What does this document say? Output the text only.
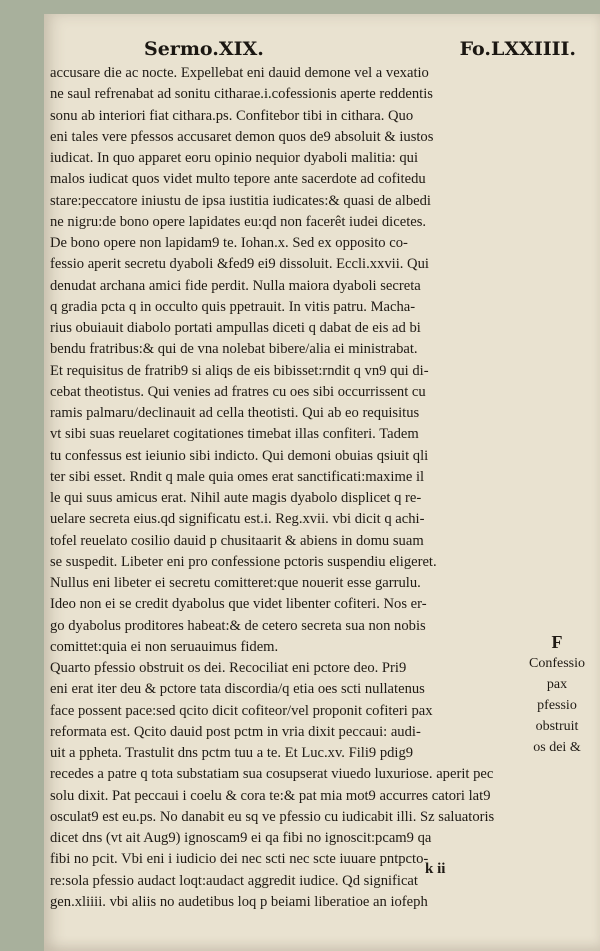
Sermo.XIX.	Fo.LXXIIII.
accusare die ac nocte. Expellebat eni dauid demone vel a vexatio
ne saul refrenabat ad sonitu citharae.i.cofessionis aperte reddentis
sonu ab interiori fiat cithara.ps. Confitebor tibi in cithara. Quo
eni tales vere pfessos accusaret demon quos de9 absoluit & iustos
iudicat. In quo apparet eoru opinio nequior dyaboli malitia: qui
malos iudicat quos videt multo tepore ante sacerdote ad cofitedu
stare:peccatore iniustu de ipsa iustitia iudicates:& quasi de albedi
ne nigru:de bono opere lapidates eu:qd non facerêt iudei dicetes.
De bono opere non lapidam9 te. Iohan.x. Sed ex opposito co-
fessio aperit secretu dyaboli &fed9 ei9 dissoluit. Eccli.xxvii. Qui
denudat archana amici fide perdit. Nulla maiora dyaboli secreta
q gradia pcta q in occulto quis ppetrauit. In vitis patru. Macha-
rius obuiauit diabolo portati ampullas diceti q dabat de eis ad bi
bendu fratribus:& qui de vna nolebat bibere/alia ei ministrabat.
Et requisitus de fratrib9 si aliqs de eis bibisset:rndit q vn9 qui di-
cebat theotistus. Qui venies ad fratres cu oes sibi occurrissent cu
ramis palmaru/declinauit ad cella theotisti. Qui ab eo requisitus
vt sibi suas reuelaret cogitationes timebat illas confiteri. Tadem
tu confessus est ieiunio sibi indicto. Qui demoni obuias qsiuit qli
ter sibi esset. Rndit q male quia omes erat sanctificati:maxime il
le qui suus amicus erat. Nihil aute magis dyabolo displicet q re-
uelare secreta eius.qd significatu est.i. Reg.xvii. vbi dicit q achi-
tofel reuelato cosilio dauid p chusitaarit & abiens in domu suam
se suspedit. Libeter eni pro confessione pctoris suspendiu eligeret.
Nullus eni libeter ei secretu comitteret:que nouerit esse garrulu.
Ideo non ei se credit dyabolus que videt libenter cofiteri. Nos er-
go dyabolus proditores habeat:& de cetero secreta sua non nobis
comittet:quia ei non seruauimus fidem.
Quarto pfessio obstruit os dei. Recociliat eni pctore deo. Pri9
eni erat iter deu & pctore tata discordia/q etia oes scti nullatenus
face possent pace:sed qcito dicit cofiteor/vel proponit cofiteri pax
reformata est. Qcito dauid post pctm in vria dixit peccaui: audi-
uit a ppheta. Trastulit dns pctm tuu a te. Et Luc.xv. Fili9 pdig9
recedes a patre q tota substatiam sua cosupserat viuedo luxuriose. aperit pec
solu dixit. Pat peccaui i coelu & cora te:& pat mia mot9 accurres catori lat9
osculat9 est eu.ps. No danabit eu sq ve pfessio cu iudicabit illi. Sz saluatoris
dicet dns (vt ait Aug9) ignoscam9 ei qa fibi no ignoscit:pcam9 qa
fibi no pcit. Vbi eni i iudicio dei nec scti nec scte iuuare pntpcto-
re:sola pfessio audact loqt:audact aggredit iudice. Qd significat
gen.xliiii. vbi aliis no audetibus loq p beiami liberatioe an iofeph
F
Confessio
pax
pfessio
obstruit
os dei &
k ii
